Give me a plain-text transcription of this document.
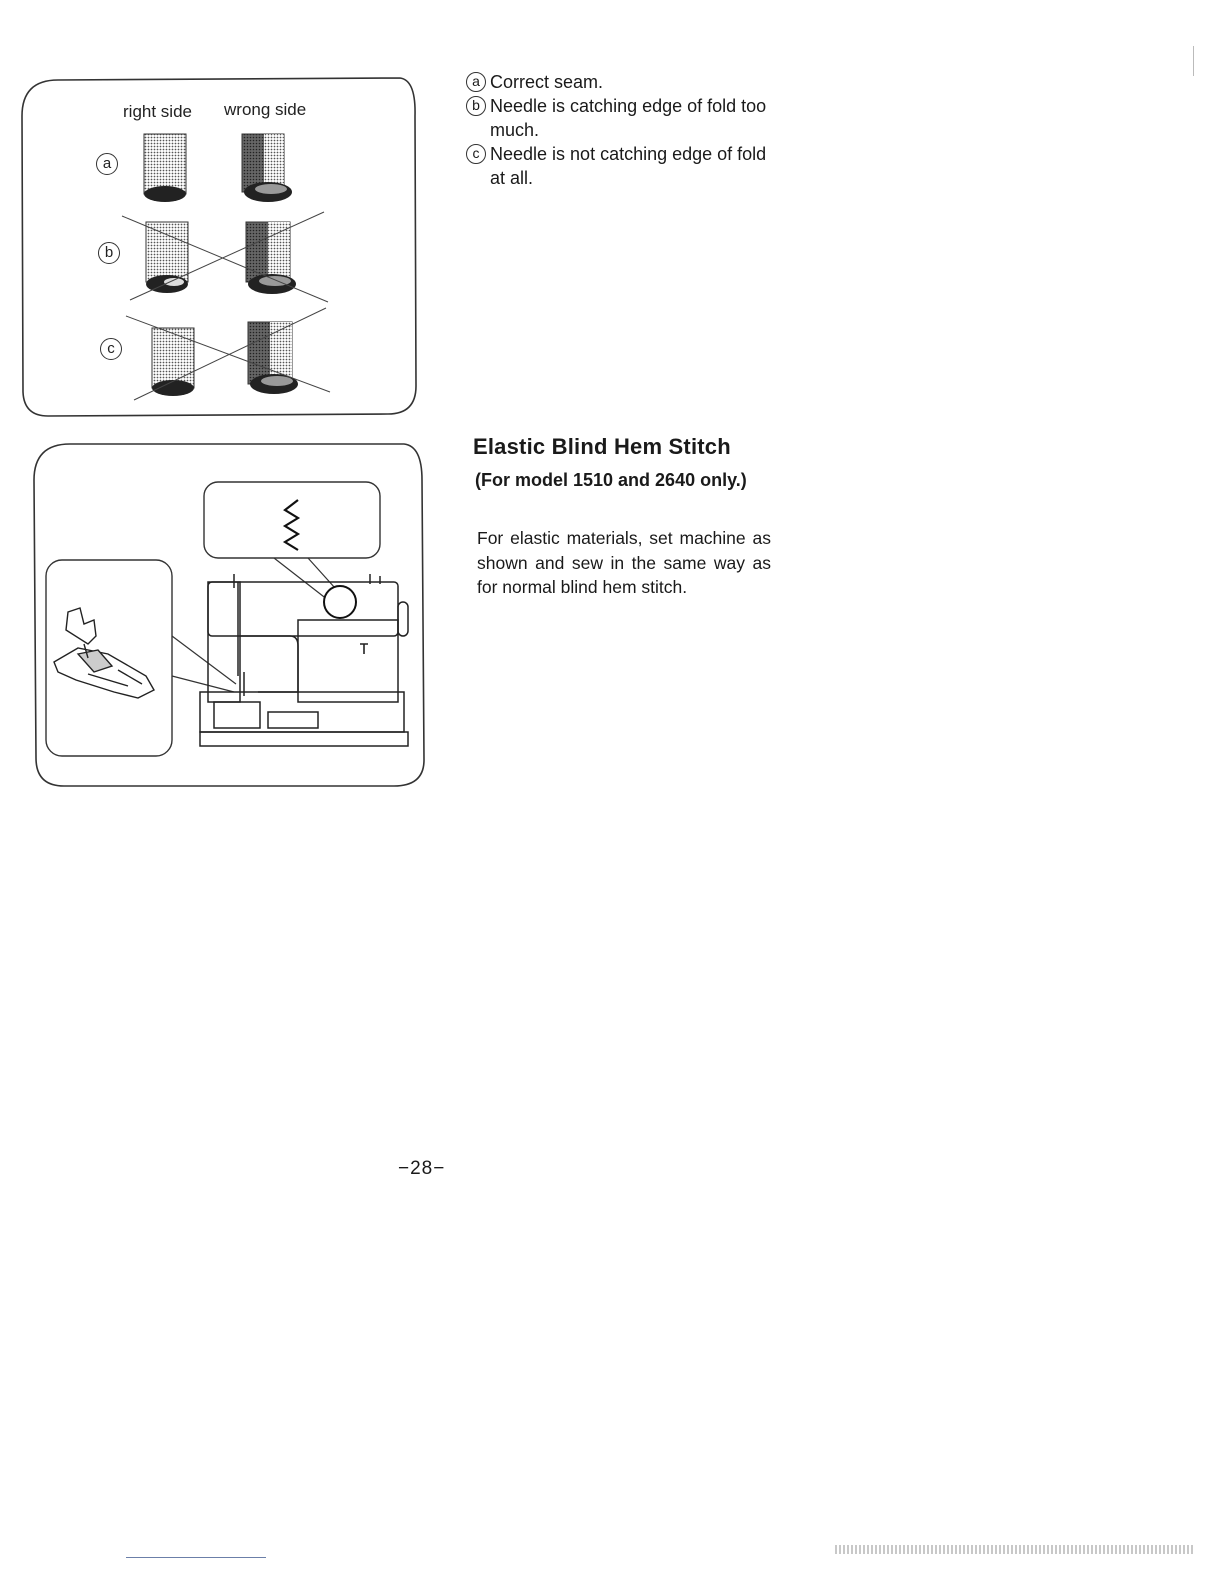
right side wrong side
a
b
c

a Correct seam.

b Needle is catching edge of fold too much.

c Needle is not catching edge of fold at all.

Elastic Blind Hem Stitch

(For model 1510 and 2640 only.)

For elastic materials, set machine as shown and sew in the same way as for normal blind hem stitch.

−28−
